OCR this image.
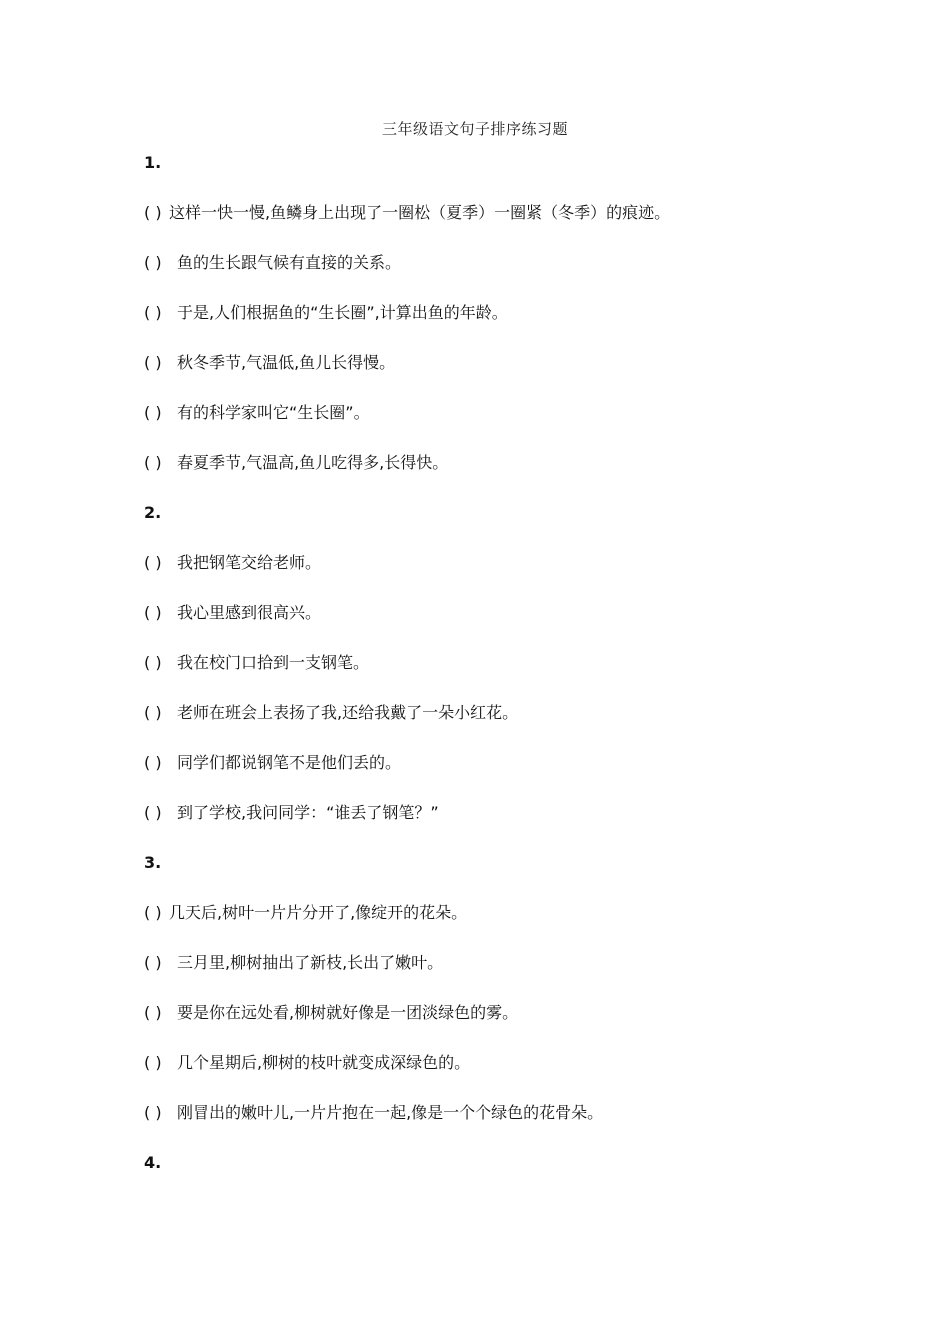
三年级语文句子排序练习题
1.
( ) 这样一快一慢,鱼鳞身上出现了一圈松（夏季）一圈紧（冬季）的痕迹。
( ) 鱼的生长跟气候有直接的关系。
( ) 于是,人们根据鱼的“生长圈”,计算出鱼的年龄。
( ) 秋冬季节,气温低,鱼儿长得慢。
( ) 有的科学家叫它“生长圈”。
( ) 春夏季节,气温高,鱼儿吃得多,长得快。
2.
( ) 我把钢笔交给老师。
( ) 我心里感到很高兴。
( ) 我在校门口拾到一支钢笔。
( ) 老师在班会上表扬了我,还给我戴了一朵小红花。
( ) 同学们都说钢笔不是他们丢的。
( ) 到了学校,我问同学：“谁丢了钢笔？”
3.
( ) 几天后,树叶一片片分开了,像绽开的花朵。
( ) 三月里,柳树抽出了新枝,长出了嫩叶。
( ) 要是你在远处看,柳树就好像是一团淡绿色的雾。
( ) 几个星期后,柳树的枝叶就变成深绿色的。
( ) 刚冒出的嫩叶儿,一片片抱在一起,像是一个个绿色的花骨朵。
4.
